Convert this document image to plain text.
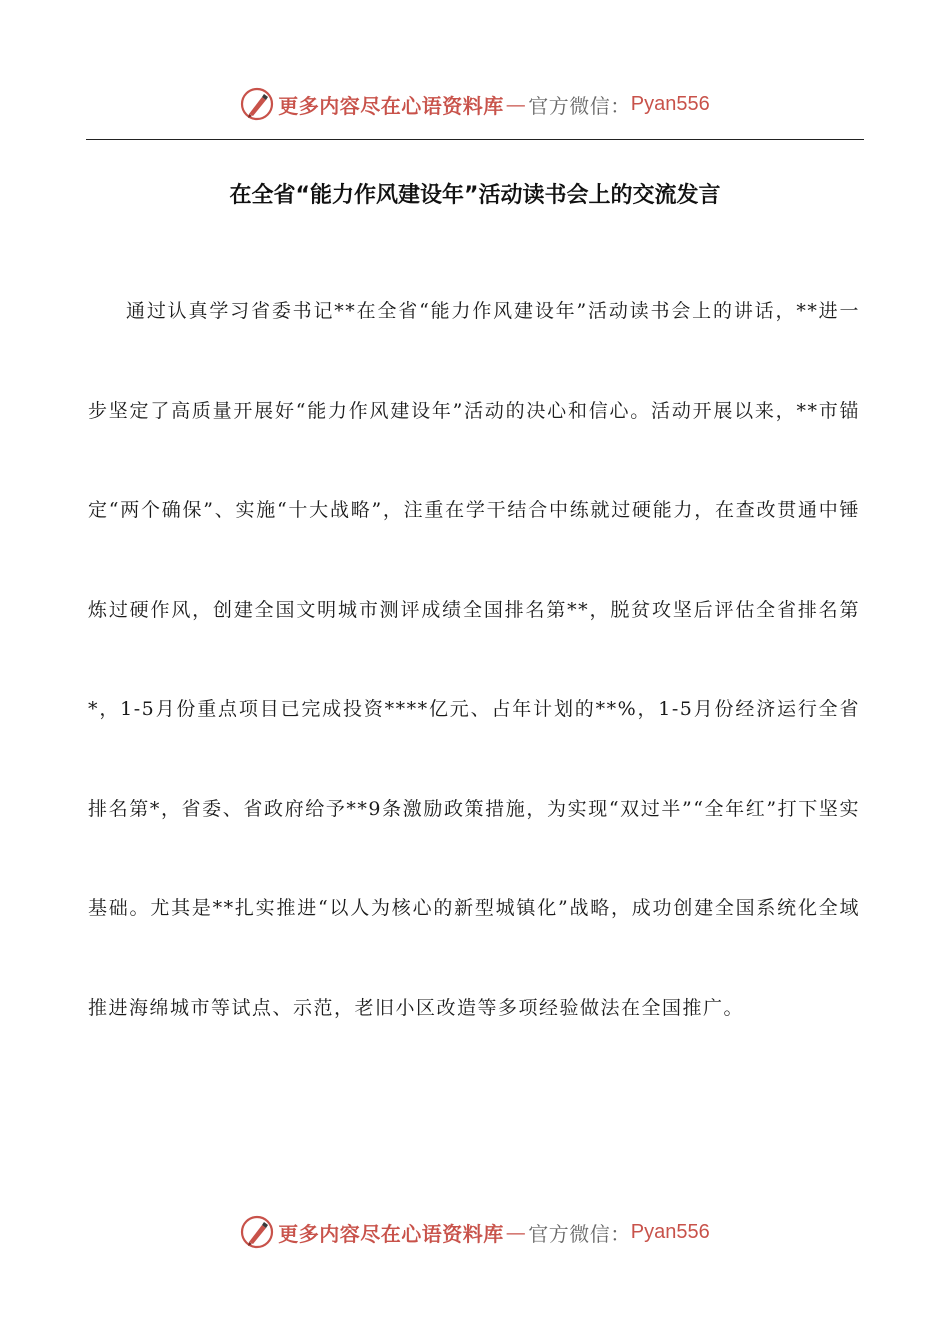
更多内容尽在心语资料库 — 官方微信： Pyan556
在全省“能力作风建设年”活动读书会上的交流发言

通过认真学习省委书记**在全省“能力作风建设年”活动读书会上的讲话，**进一步坚定了高质量开展好“能力作风建设年”活动的决心和信心。活动开展以来，**市锚定“两个确保”、实施“十大战略”，注重在学干结合中练就过硬能力，在查改贯通中锤炼过硬作风，创建全国文明城市测评成绩全国排名第**，脱贫攻坚后评估全省排名第*，1-5月份重点项目已完成投资****亿元、占年计划的**%，1-5月份经济运行全省排名第*，省委、省政府给予**9条激励政策措施，为实现“双过半”“全年红”打下坚实基础。尤其是**扎实推进“以人为核心的新型城镇化”战略，成功创建全国系统化全域推进海绵城市等试点、示范，老旧小区改造等多项经验做法在全国推广。

更多内容尽在心语资料库 — 官方微信： Pyan556
